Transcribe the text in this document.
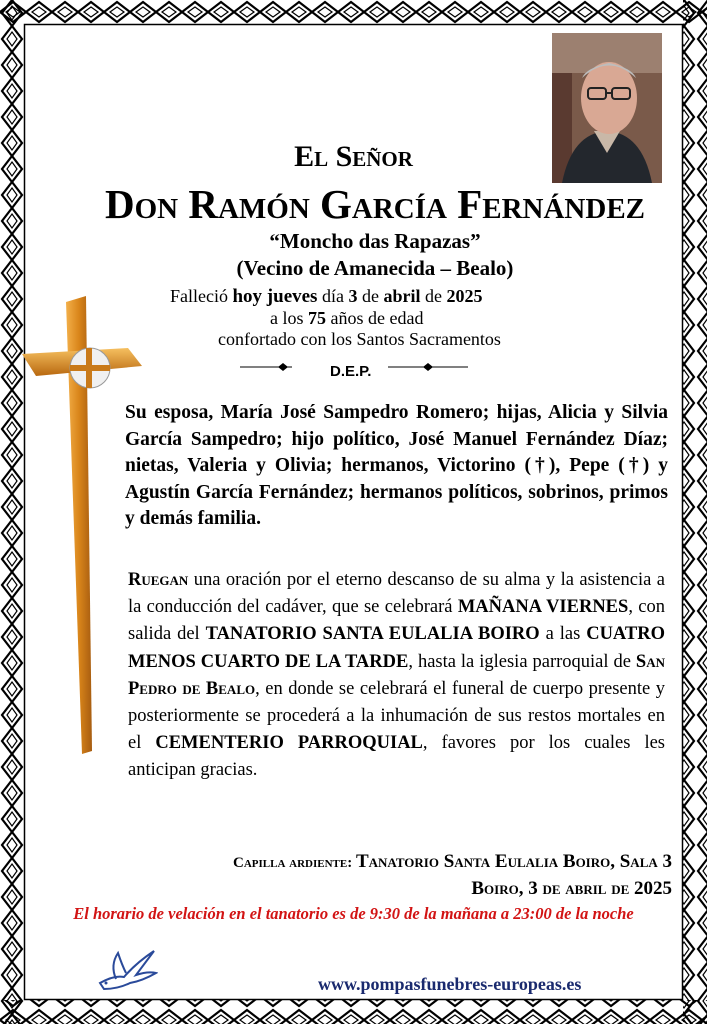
El Señor
Don Ramón García Fernández
“Moncho das Rapazas”
(Vecino de Amanecida – Bealo)
Falleció hoy jueves día 3 de abril de 2025
a los 75 años de edad
confortado con los Santos Sacramentos
D.E.P.
Su esposa, María José Sampedro Romero; hijas, Alicia y Silvia García Sampedro; hijo político, José Manuel Fernández Díaz; nietas, Valeria y Olivia; hermanos, Victorino (†), Pepe (†) y Agustín García Fernández; hermanos políticos, sobrinos, primos y demás familia.
Ruegan una oración por el eterno descanso de su alma y la asistencia a la conducción del cadáver, que se celebrará MAÑANA VIERNES, con salida del TANATORIO SANTA EULALIA BOIRO a las CUATRO MENOS CUARTO DE LA TARDE, hasta la iglesia parroquial de San Pedro de Bealo, en donde se celebrará el funeral de cuerpo presente y posteriormente se procederá a la inhumación de sus restos mortales en el CEMENTERIO PARROQUIAL, favores por los cuales les anticipan gracias.
Capilla ardiente: Tanatorio Santa Eulalia Boiro, Sala 3
Boiro, 3 de abril de 2025
El horario de velación en el tanatorio es de 9:30 de la mañana a 23:00 de la noche
www.pompasfunebres-europeas.es
